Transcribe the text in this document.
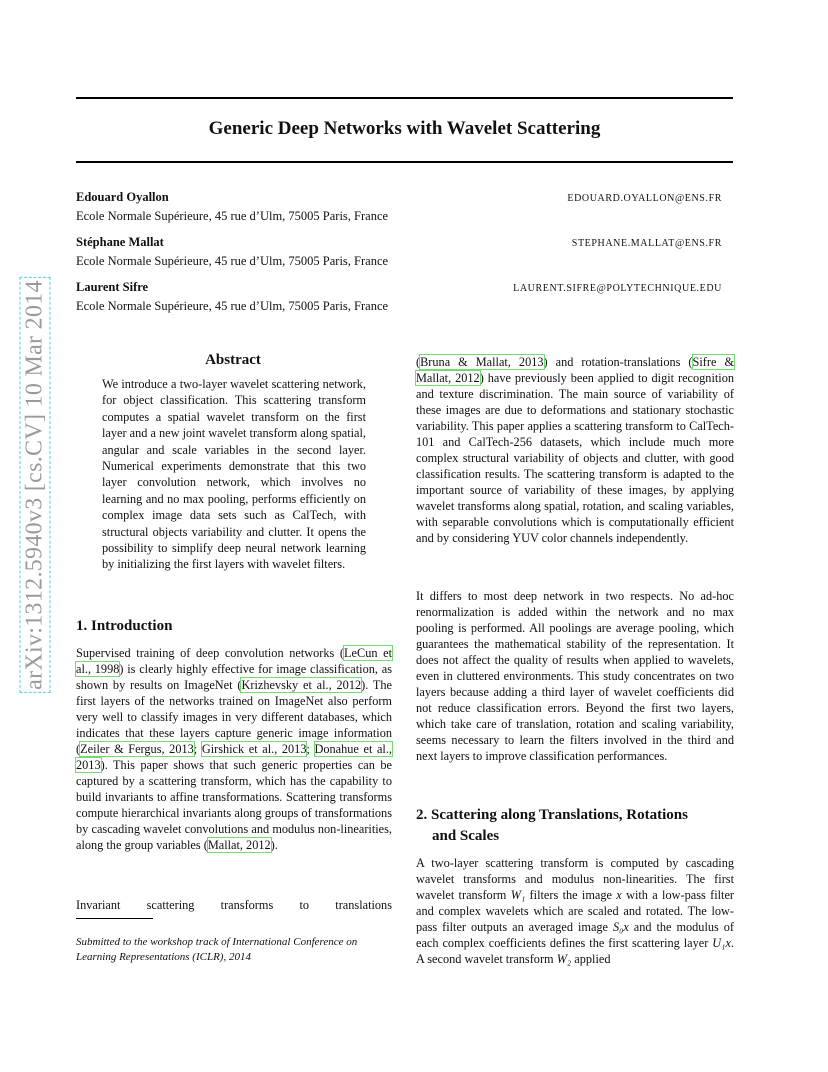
Generic Deep Networks with Wavelet Scattering
arXiv:1312.5940v3 [cs.CV] 10 Mar 2014
Edouard Oyallon	EDOUARD.OYALLON@ENS.FR
Ecole Normale Supérieure, 45 rue d’Ulm, 75005 Paris, France
Stéphane Mallat	STEPHANE.MALLAT@ENS.FR
Ecole Normale Supérieure, 45 rue d’Ulm, 75005 Paris, France
Laurent Sifre	LAURENT.SIFRE@POLYTECHNIQUE.EDU
Ecole Normale Supérieure, 45 rue d’Ulm, 75005 Paris, France
Abstract
We introduce a two-layer wavelet scattering network, for object classification. This scattering transform computes a spatial wavelet transform on the first layer and a new joint wavelet transform along spatial, angular and scale variables in the second layer. Numerical experiments demonstrate that this two layer convolution network, which involves no learning and no max pooling, performs efficiently on complex image data sets such as CalTech, with structural objects variability and clutter. It opens the possibility to simplify deep neural network learning by initializing the first layers with wavelet filters.
1. Introduction
Supervised training of deep convolution networks (LeCun et al., 1998) is clearly highly effective for image classification, as shown by results on ImageNet (Krizhevsky et al., 2012). The first layers of the networks trained on ImageNet also perform very well to classify images in very different databases, which indicates that these layers capture generic image information (Zeiler & Fergus, 2013; Girshick et al., 2013; Donahue et al., 2013). This paper shows that such generic properties can be captured by a scattering transform, which has the capability to build invariants to affine transformations. Scattering transforms compute hierarchical invariants along groups of transformations by cascading wavelet convolutions and modulus non-linearities, along the group variables (Mallat, 2012).
Invariant scattering transforms to translations
Submitted to the workshop track of International Conference on Learning Representations (ICLR), 2014
(Bruna & Mallat, 2013) and rotation-translations (Sifre & Mallat, 2012) have previously been applied to digit recognition and texture discrimination. The main source of variability of these images are due to deformations and stationary stochastic variability. This paper applies a scattering transform to CalTech-101 and CalTech-256 datasets, which include much more complex structural variability of objects and clutter, with good classification results. The scattering transform is adapted to the important source of variability of these images, by applying wavelet transforms along spatial, rotation, and scaling variables, with separable convolutions which is computationally efficient and by considering YUV color channels independently.
It differs to most deep network in two respects. No ad-hoc renormalization is added within the network and no max pooling is performed. All poolings are average pooling, which guarantees the mathematical stability of the representation. It does not affect the quality of results when applied to wavelets, even in cluttered environments. This study concentrates on two layers because adding a third layer of wavelet coefficients did not reduce classification errors. Beyond the first two layers, which take care of translation, rotation and scaling variability, seems necessary to learn the filters involved in the third and next layers to improve classification performances.
2. Scattering along Translations, Rotations
and Scales
A two-layer scattering transform is computed by cascading wavelet transforms and modulus non-linearities. The first wavelet transform W₁ filters the image x with a low-pass filter and complex wavelets which are scaled and rotated. The low-pass filter outputs an averaged image S₀x and the modulus of each complex coefficients defines the first scattering layer U₁x. A second wavelet transform W₂ applied
